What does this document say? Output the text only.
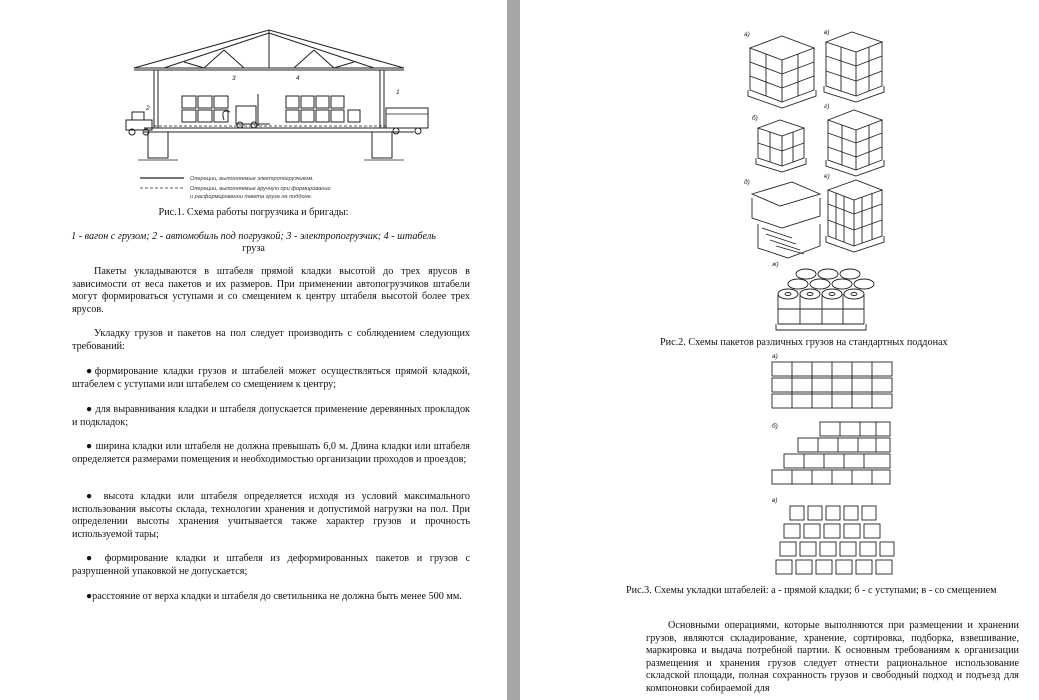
2
3	4
1
Операции, выполняемые электропогрузчиком.
Операции, выполняемые вручную при формировании
и расформировании пакета груза на поддоне.
Рис.1. Схема работы погрузчика и бригады:
1 - вагон с грузом; 2 - автомобиль под погрузкой; 3 - электропогрузчик; 4 - штабель
груза
Пакеты укладываются в штабеля прямой кладки высотой до трех ярусов в зависимости от веса пакетов и их размеров. При применении автопогрузчиков штабели могут формироваться уступами и со смещением к центру штабеля высотой более трех ярусов.
Укладку грузов и пакетов на пол следует производить с соблюдением следующих требований:
●формирование кладки грузов и штабелей может осуществляться прямой кладкой, штабелем с уступами или штабелем со смещением к центру;
● для выравнивания кладки и штабеля допускается применение деревянных прокладок и подкладок;
● ширина кладки или штабеля не должна превышать 6,0 м. Длина кладки или штабеля определяется размерами помещения и необходимостью организации проходов и проездов;
● высота кладки или штабеля определяется исходя из условий максимального использования высоты склада, технологии хранения и допустимой нагрузки на пол. При определении высоты хранения учитывается также характер грузов и прочность используемой тары;
● формирование кладки и штабеля из деформированных пакетов и грузов с разрушенной упаковкой не допускается;
●расстояние от верха кладки и штабеля до светильника не должна быть менее 500 мм.
а)	в)
б)
г)
д)
е)
ж)
Рис.2. Схемы пакетов различных грузов на стандартных поддонах
а)
б)
в)
Рис.3. Схемы укладки штабелей: а - прямой кладки; б - с уступами; в - со смещением
Основными операциями, которые выполняются при размещении и хранении грузов, являются складирование, хранение, сортировка, подборка, взвешивание, маркировка и выдача потребной партии. К основным требованиям к организации размещения и хранения грузов следует отнести рациональное использование складской площади, полная сохранность грузов и свободный подход и подъезд для компоновки собираемой для
